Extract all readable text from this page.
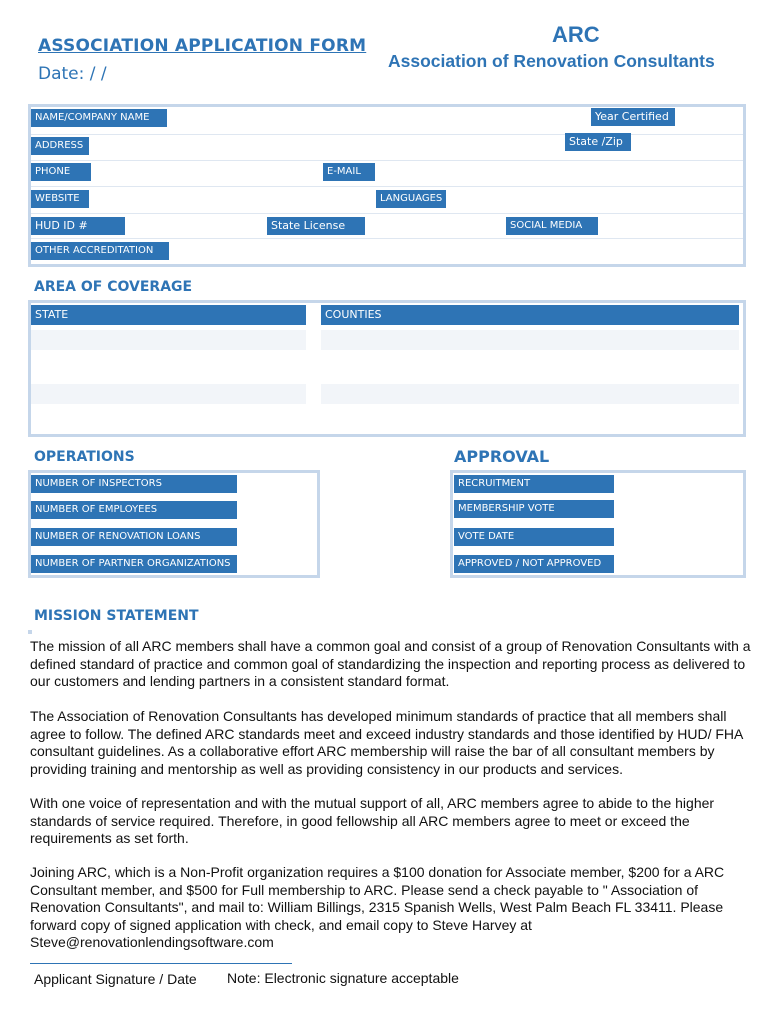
ASSOCIATION APPLICATION FORM
Date: / /
ARC
Association of Renovation Consultants
NAME/COMPANY NAME	Year Certified
ADDRESS	State /Zip
PHONE	E-MAIL
WEBSITE	LANGUAGES
HUD ID #	State License	SOCIAL MEDIA
OTHER ACCREDITATION
AREA OF COVERAGE
STATE	COUNTIES
OPERATIONS
NUMBER OF INSPECTORS
NUMBER OF EMPLOYEES
NUMBER OF RENOVATION LOANS
NUMBER OF PARTNER ORGANIZATIONS
APPROVAL
RECRUITMENT
MEMBERSHIP VOTE
VOTE DATE
APPROVED / NOT APPROVED
MISSION STATEMENT
The mission of all ARC members shall have a common goal and consist of a group of Renovation Consultants with a defined standard of practice and common goal of standardizing the inspection and reporting process as delivered to our customers and lending partners in a consistent standard format.
The Association of Renovation Consultants has developed minimum standards of practice that all members shall agree to follow. The defined ARC standards meet and exceed industry standards and those identified by HUD/ FHA consultant guidelines. As a collaborative effort ARC membership will raise the bar of all consultant members by providing training and mentorship as well as providing consistency in our products and services.
With one voice of representation and with the mutual support of all, ARC members agree to abide to the higher standards of service required. Therefore, in good fellowship all ARC members agree to meet or exceed the requirements as set forth.
Joining ARC, which is a Non-Profit organization requires a $100 donation for Associate member, $200 for a ARC Consultant member, and $500 for Full membership to ARC. Please send a check payable to " Association of Renovation Consultants", and mail to: William Billings, 2315 Spanish Wells, West Palm Beach FL 33411. Please forward copy of signed application with check, and email copy to Steve Harvey at Steve@renovationlendingsoftware.com
Applicant Signature / Date Note: Electronic signature acceptable
